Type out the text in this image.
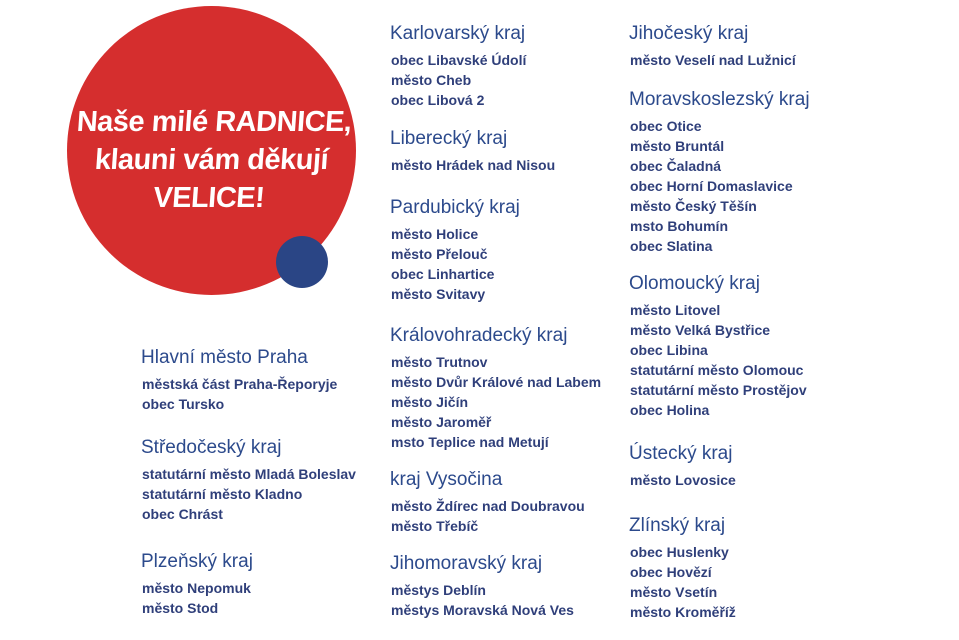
Naše milé RADNICE,
klauni vám děkují
VELICE!
Hlavní město Praha
městská část Praha-Řeporyje
obec Tursko
Středočeský kraj
statutární město Mladá Boleslav
statutární město Kladno
obec Chrást
Plzeňský kraj
město Nepomuk
město Stod
Karlovarský kraj
obec Libavské Údolí
město Cheb
obec Libová 2
Liberecký kraj
město Hrádek nad Nisou
Pardubický kraj
město Holice
město Přelouč
obec Linhartice
město Svitavy
Královohradecký kraj
město Trutnov
město Dvůr Králové nad Labem
město Jičín
město Jaroměř
msto Teplice nad Metují
kraj Vysočina
město Ždírec nad Doubravou
město Třebíč
Jihomoravský kraj
městys Deblín
městys Moravská Nová Ves
Jihočeský kraj
město Veselí nad Lužnicí
Moravskoslezský kraj
obec Otice
město Bruntál
obec Čaladná
obec Horní Domaslavice
město Český Těšín
msto Bohumín
obec Slatina
Olomoucký kraj
město Litovel
město Velká Bystřice
obec Libina
statutární město Olomouc
statutární město Prostějov
obec Holina
Ústecký kraj
město Lovosice
Zlínský kraj
obec Huslenky
obec Hovězí
město Vsetín
město Kroměříž
